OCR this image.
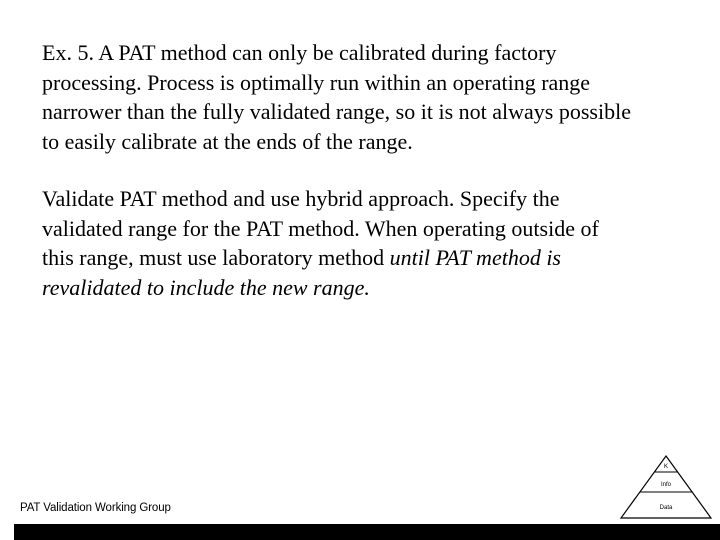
Ex. 5. A PAT method can only be calibrated during factory
processing. Process is optimally run within an operating range
narrower than the fully validated range, so it is not always possible
to easily calibrate at the ends of the range.

Validate PAT method and use hybrid approach. Specify the
validated range for the PAT method. When operating outside of
this range, must use laboratory method until PAT method is
revalidated to include the new range.

PAT Validation Working Group
K
Info
Data
